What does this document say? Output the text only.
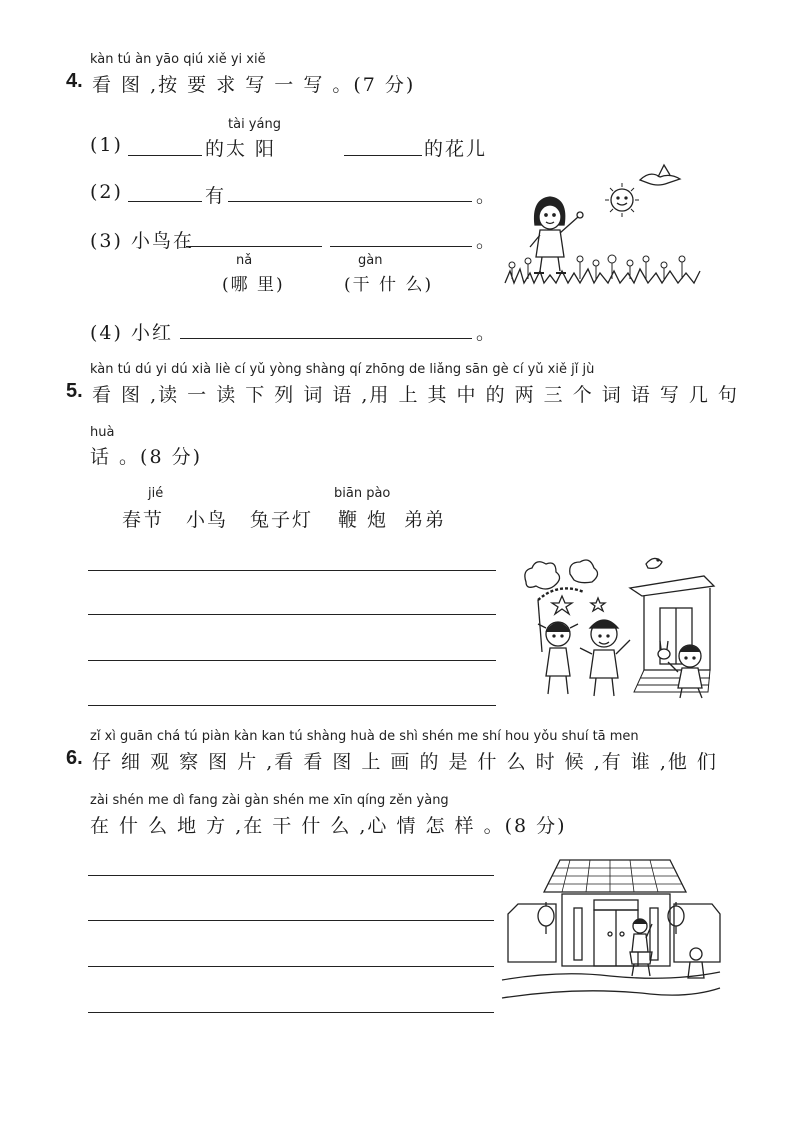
kàn tú àn yāo qiú xiě yi xiě
4. 看 图 ,按 要 求 写 一 写 。(7 分)
tài yáng
(1)	的太 阳	的花儿
(2)	有	。
(3) 小鸟在	。
nǎ
(哪 里)
gàn
(干 什 么)
(4) 小红	。
kàn tú dú yi dú xià liè cí yǔ yòng shàng qí zhōng de liǎng sān gè cí yǔ xiě jǐ jù
5. 看 图 ,读 一 读 下 列 词 语 ,用 上 其 中 的 两 三 个 词 语 写 几 句
huà
话 。(8 分)
jié	biān pào
春节 小鸟 兔子灯 鞭 炮 弟弟
zǐ xì guān chá tú piàn kàn kan tú shàng huà de shì shén me shí hou yǒu shuí tā men
6. 仔 细 观 察 图 片 ,看 看 图 上 画 的 是 什 么 时 候 ,有 谁 ,他 们
zài shén me dì fang zài gàn shén me xīn qíng zěn yàng
在 什 么 地 方 ,在 干 什 么 ,心 情 怎 样 。(8 分)
